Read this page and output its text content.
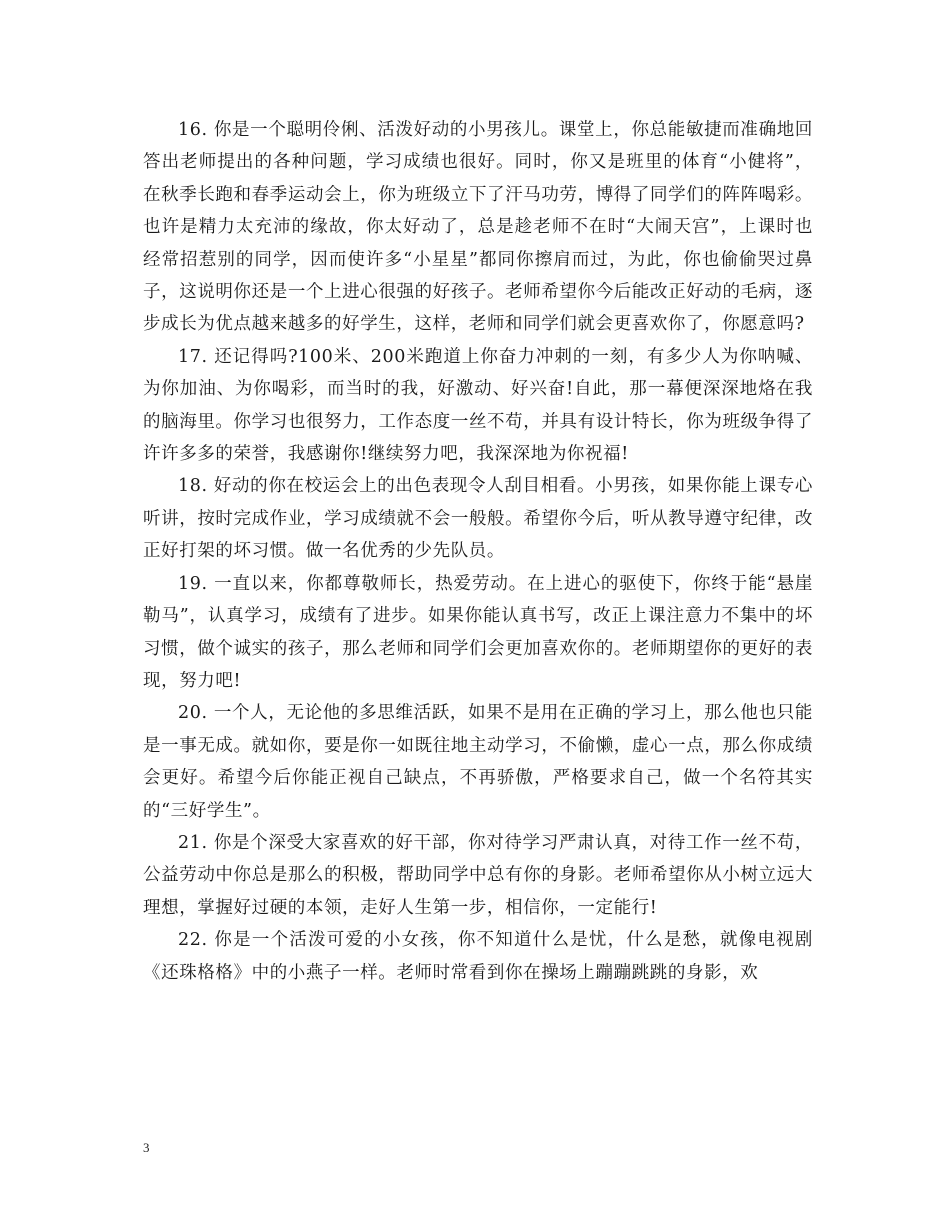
16. 你是一个聪明伶俐、活泼好动的小男孩儿。课堂上，你总能敏捷而准确地回答出老师提出的各种问题，学习成绩也很好。同时，你又是班里的体育“小健将”，在秋季长跑和春季运动会上，你为班级立下了汗马功劳，博得了同学们的阵阵喝彩。也许是精力太充沛的缘故，你太好动了，总是趁老师不在时“大闹天宫”，上课时也经常招惹别的同学，因而使许多“小星星”都同你擦肩而过，为此，你也偷偷哭过鼻子，这说明你还是一个上进心很强的好孩子。老师希望你今后能改正好动的毛病，逐步成长为优点越来越多的好学生，这样，老师和同学们就会更喜欢你了，你愿意吗?

17. 还记得吗?100米、200米跑道上你奋力冲刺的一刻，有多少人为你呐喊、为你加油、为你喝彩，而当时的我，好激动、好兴奋!自此，那一幕便深深地烙在我的脑海里。你学习也很努力，工作态度一丝不苟，并具有设计特长，你为班级争得了许许多多的荣誉，我感谢你!继续努力吧，我深深地为你祝福!

18. 好动的你在校运会上的出色表现令人刮目相看。小男孩，如果你能上课专心听讲，按时完成作业，学习成绩就不会一般般。希望你今后，听从教导遵守纪律，改正好打架的坏习惯。做一名优秀的少先队员。

19. 一直以来，你都尊敬师长，热爱劳动。在上进心的驱使下，你终于能“悬崖勒马”，认真学习，成绩有了进步。如果你能认真书写，改正上课注意力不集中的坏习惯，做个诚实的孩子，那么老师和同学们会更加喜欢你的。老师期望你的更好的表现，努力吧!

20. 一个人，无论他的多思维活跃，如果不是用在正确的学习上，那么他也只能是一事无成。就如你，要是你一如既往地主动学习，不偷懒，虚心一点，那么你成绩会更好。希望今后你能正视自己缺点，不再骄傲，严格要求自己，做一个名符其实的“三好学生”。

21. 你是个深受大家喜欢的好干部，你对待学习严肃认真，对待工作一丝不苟，公益劳动中你总是那么的积极，帮助同学中总有你的身影。老师希望你从小树立远大理想，掌握好过硬的本领，走好人生第一步，相信你，一定能行!

22. 你是一个活泼可爱的小女孩，你不知道什么是忧，什么是愁，就像电视剧《还珠格格》中的小燕子一样。老师时常看到你在操场上蹦蹦跳跳的身影，欢

3
